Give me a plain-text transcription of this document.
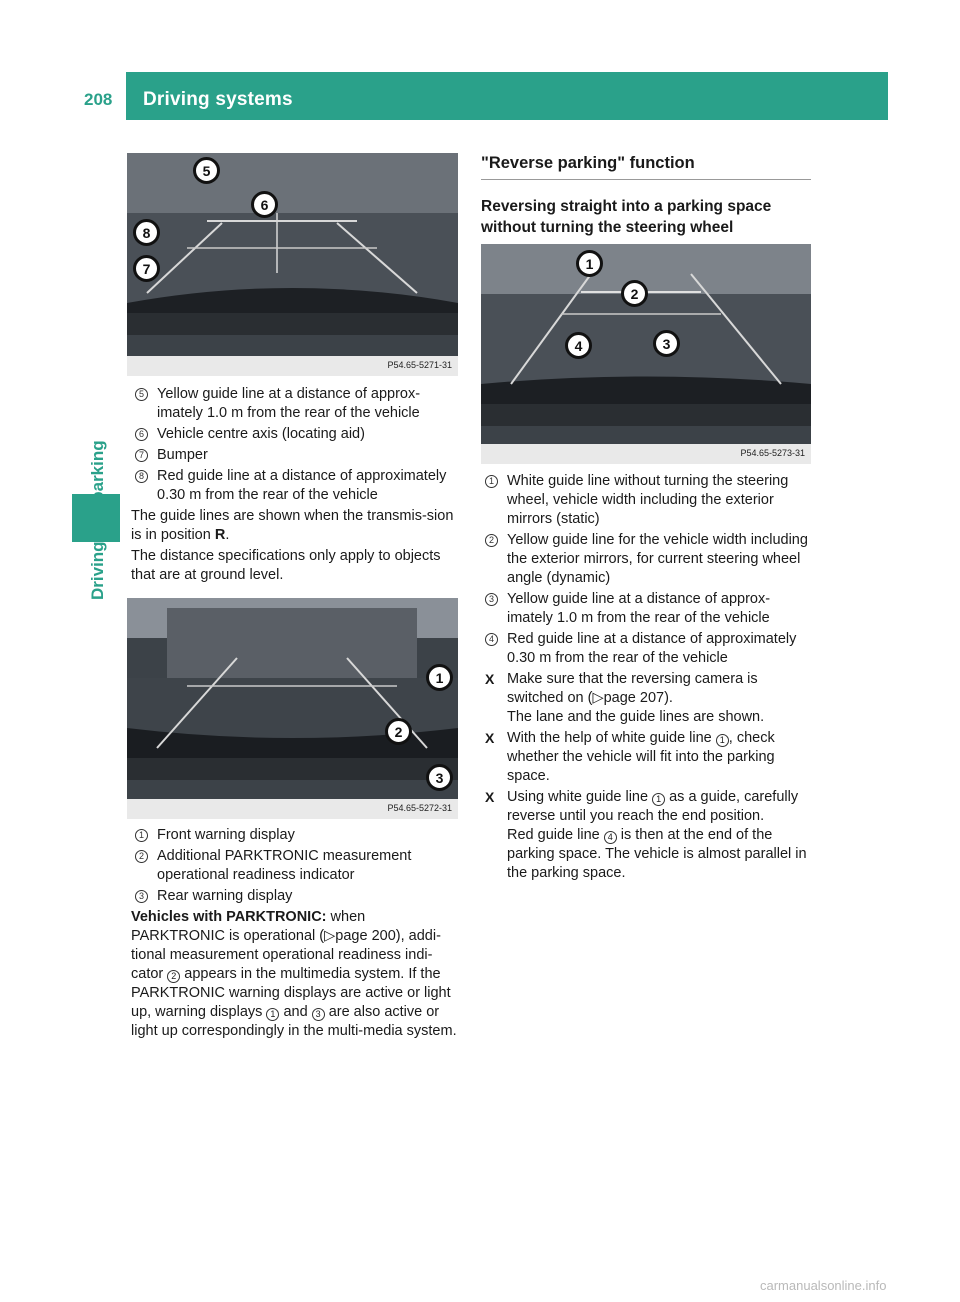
208 Driving systems
P54.65-5271-31
5
6
8
7
5 Yellow guide line at a distance of approx-imately 1.0 m from the rear of the vehicle
6 Vehicle centre axis (locating aid)
7 Bumper
8 Red guide line at a distance of approximately 0.30 m from the rear of the vehicle

The guide lines are shown when the transmis-sion is in position R.

The distance specifications only apply to objects that are at ground level.

P54.65-5272-31
1
2
3
1 Front warning display
2 Additional PARKTRONIC measurement operational readiness indicator
3 Rear warning display

Vehicles with PARKTRONIC: when PARKTRONIC is operational (▷page 200), addi-tional measurement operational readiness indi-cator 2 appears in the multimedia system. If the PARKTRONIC warning displays are active or light up, warning displays 1 and 3 are also active or light up correspondingly in the multi-media system.

"Reverse parking" function
Reversing straight into a parking space without turning the steering wheel
P54.65-5273-31
1
2
4	3
1 White guide line without turning the steering wheel, vehicle width including the exterior mirrors (static)
2 Yellow guide line for the vehicle width including the exterior mirrors, for current steering wheel angle (dynamic)
3 Yellow guide line at a distance of approx-imately 1.0 m from the rear of the vehicle
4 Red guide line at a distance of approximately 0.30 m from the rear of the vehicle
X Make sure that the reversing camera is switched on (▷page 207).
The lane and the guide lines are shown.
X With the help of white guide line 1 , check whether the vehicle will fit into the parking space.
X Using white guide line 1 as a guide, carefully reverse until you reach the end position.
Red guide line 4 is then at the end of the parking space. The vehicle is almost parallel in the parking space.
carmanualsonline.info
